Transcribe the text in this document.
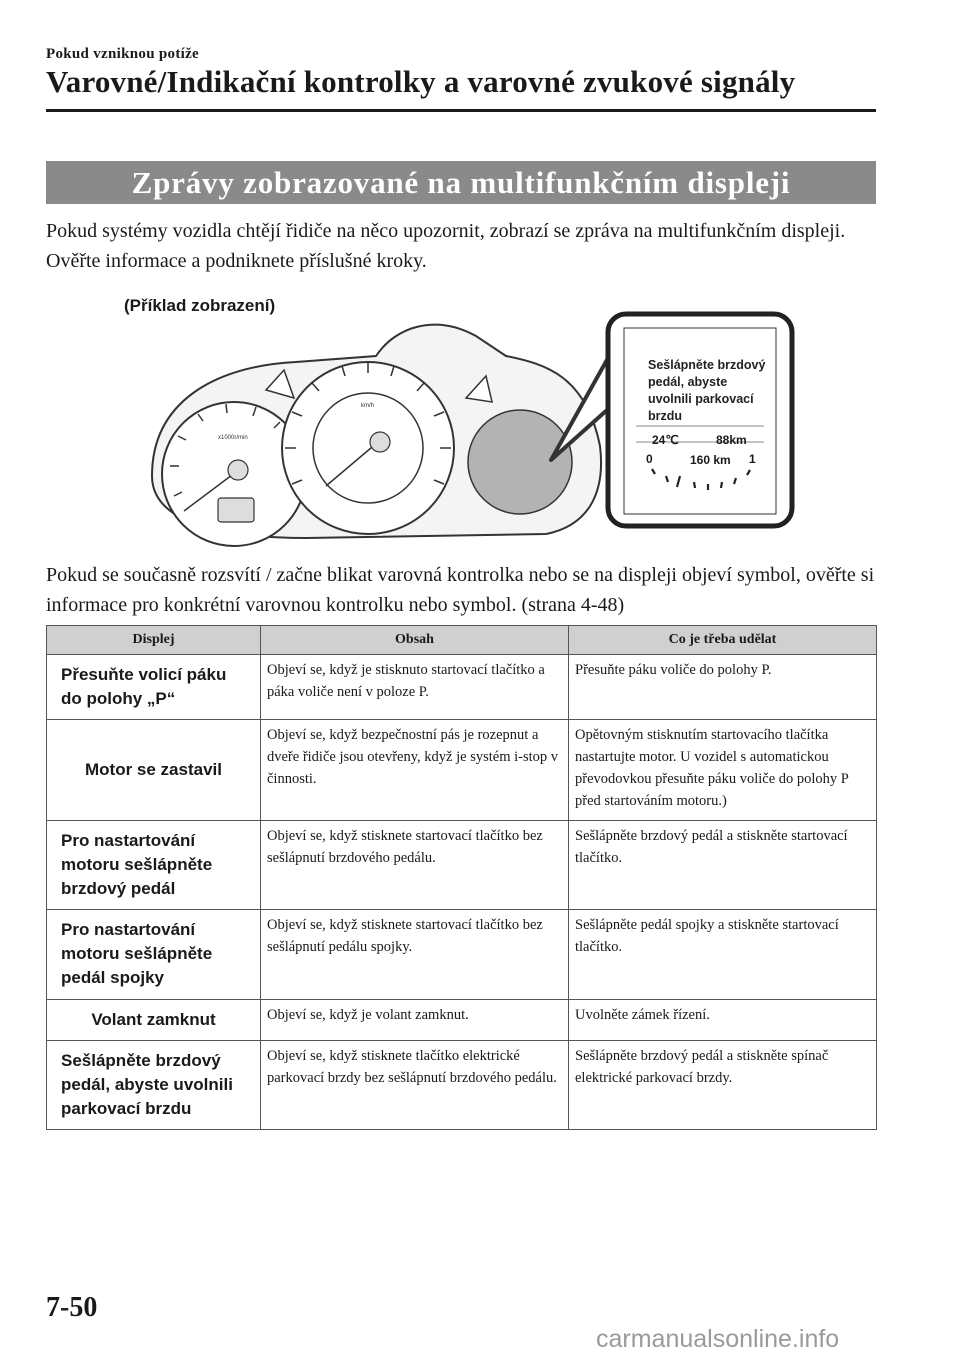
Pokud vzniknou potíže
Varovné/Indikační kontrolky a varovné zvukové signály
Zprávy zobrazované na multifunkčním displeji
Pokud systémy vozidla chtějí řidiče na něco upozornit, zobrazí se zpráva na multifunkčním displeji. Ověřte informace a podniknete příslušné kroky.
(Příklad zobrazení)
x1000r/min
km/h
Sešlápněte brzdový pedál, abyste uvolnili parkovací brzdu
24℃	88km
0	160 km 1
Pokud se současně rozsvítí / začne blikat varovná kontrolka nebo se na displeji objeví symbol, ověřte si informace pro konkrétní varovnou kontrolku nebo symbol. (strana 4-48)
Displej	Obsah	Co je třeba udělat
Přesuňte volicí páku do polohy „P“	Objeví se, když je stisknuto startovací tlačítko a páka voliče není v poloze P.	Přesuňte páku voliče do polohy P.
Motor se zastavil	Objeví se, když bezpečnostní pás je rozepnut a dveře řidiče jsou otevřeny, když je systém i-stop v činnosti.	Opětovným stisknutím startovacího tlačítka nastartujte motor. U vozidel s automatickou převodovkou přesuňte páku voliče do polohy P před startováním motoru.)
Pro nastartování motoru sešlápněte brzdový pedál	Objeví se, když stisknete startovací tlačítko bez sešlápnutí brzdového pedálu.	Sešlápněte brzdový pedál a stiskněte startovací tlačítko.
Pro nastartování motoru sešlápněte pedál spojky	Objeví se, když stisknete startovací tlačítko bez sešlápnutí pedálu spojky.	Sešlápněte pedál spojky a stiskněte startovací tlačítko.
Volant zamknut	Objeví se, když je volant zamknut.	Uvolněte zámek řízení.
Sešlápněte brzdový pedál, abyste uvolnili parkovací brzdu	Objeví se, když stisknete tlačítko elektrické parkovací brzdy bez sešlápnutí brzdového pedálu.	Sešlápněte brzdový pedál a stiskněte spínač elektrické parkovací brzdy.
7-50
carmanualsonline.info
